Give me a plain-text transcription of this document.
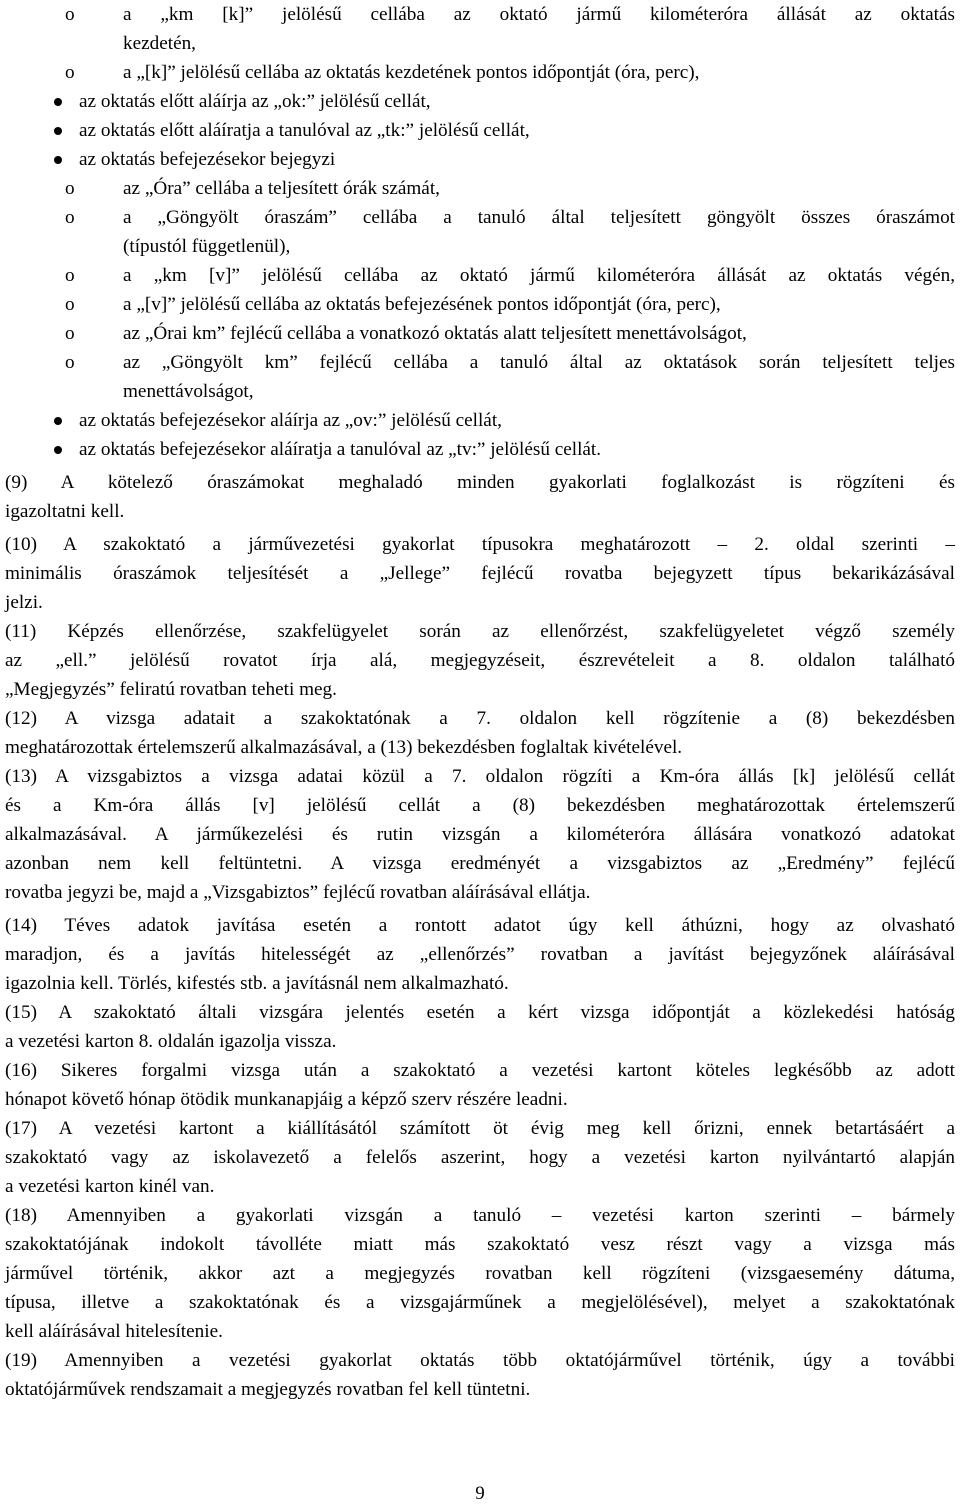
o	a „km [k]” jelölésű cellába az oktató jármű kilométeróra állását az oktatás
kezdetén,
o	a „[k]” jelölésű cellába az oktatás kezdetének pontos időpontját (óra, perc),
az oktatás előtt aláírja az „ok:” jelölésű cellát,
az oktatás előtt aláíratja a tanulóval az „tk:” jelölésű cellát,
az oktatás befejezésekor bejegyzi
o	az „Óra” cellába a teljesített órák számát,
o	a „Göngyölt óraszám” cellába a tanuló által teljesített göngyölt összes óraszámot
(típustól függetlenül),
o	a „km [v]” jelölésű cellába az oktató jármű kilométeróra állását az oktatás végén,
o	a „[v]” jelölésű cellába az oktatás befejezésének pontos időpontját (óra, perc),
o	az „Órai km” fejlécű cellába a vonatkozó oktatás alatt teljesített menettávolságot,
o	az „Göngyölt km” fejlécű cellába a tanuló által az oktatások során teljesített teljes
menettávolságot,
az oktatás befejezésekor aláírja az „ov:” jelölésű cellát,
az oktatás befejezésekor aláíratja a tanulóval az „tv:” jelölésű cellát.
(9) A kötelező óraszámokat meghaladó minden gyakorlati foglalkozást is rögzíteni és
igazoltatni kell.
(10) A szakoktató a járművezetési gyakorlat típusokra meghatározott – 2. oldal szerinti –
minimális óraszámok teljesítését a „Jellege” fejlécű rovatba bejegyzett típus bekarikázásával
jelzi.
(11) Képzés ellenőrzése, szakfelügyelet során az ellenőrzést, szakfelügyeletet végző személy
az „ell.” jelölésű rovatot írja alá, megjegyzéseit, észrevételeit a 8. oldalon található
„Megjegyzés” feliratú rovatban teheti meg.
(12) A vizsga adatait a szakoktatónak a 7. oldalon kell rögzítenie a (8) bekezdésben
meghatározottak értelemszerű alkalmazásával, a (13) bekezdésben foglaltak kivételével.
(13) A vizsgabiztos a vizsga adatai közül a 7. oldalon rögzíti a Km-óra állás [k] jelölésű cellát
és a Km-óra állás [v] jelölésű cellát a (8) bekezdésben meghatározottak értelemszerű
alkalmazásával. A járműkezelési és rutin vizsgán a kilométeróra állására vonatkozó adatokat
azonban nem kell feltüntetni. A vizsga eredményét a vizsgabiztos az „Eredmény” fejlécű
rovatba jegyzi be, majd a „Vizsgabiztos” fejlécű rovatban aláírásával ellátja.
(14) Téves adatok javítása esetén a rontott adatot úgy kell áthúzni, hogy az olvasható
maradjon, és a javítás hitelességét az „ellenőrzés” rovatban a javítást bejegyzőnek aláírásával
igazolnia kell. Törlés, kifestés stb. a javításnál nem alkalmazható.
(15) A szakoktató általi vizsgára jelentés esetén a kért vizsga időpontját a közlekedési hatóság
a vezetési karton 8. oldalán igazolja vissza.
(16) Sikeres forgalmi vizsga után a szakoktató a vezetési kartont köteles legkésőbb az adott
hónapot követő hónap ötödik munkanapjáig a képző szerv részére leadni.
(17) A vezetési kartont a kiállításától számított öt évig meg kell őrizni, ennek betartásáért a
szakoktató vagy az iskolavezető a felelős aszerint, hogy a vezetési karton nyilvántartó alapján
a vezetési karton kinél van.
(18) Amennyiben a gyakorlati vizsgán a tanuló – vezetési karton szerinti – bármely
szakoktatójának indokolt távolléte miatt más szakoktató vesz részt vagy a vizsga más
járművel történik, akkor azt a megjegyzés rovatban kell rögzíteni (vizsgaesemény dátuma,
típusa, illetve a szakoktatónak és a vizsgajárműnek a megjelölésével), melyet a szakoktatónak
kell aláírásával hitelesítenie.
(19) Amennyiben a vezetési gyakorlat oktatás több oktatójárművel történik, úgy a további
oktatójárművek rendszamait a megjegyzés rovatban fel kell tüntetni.
9
